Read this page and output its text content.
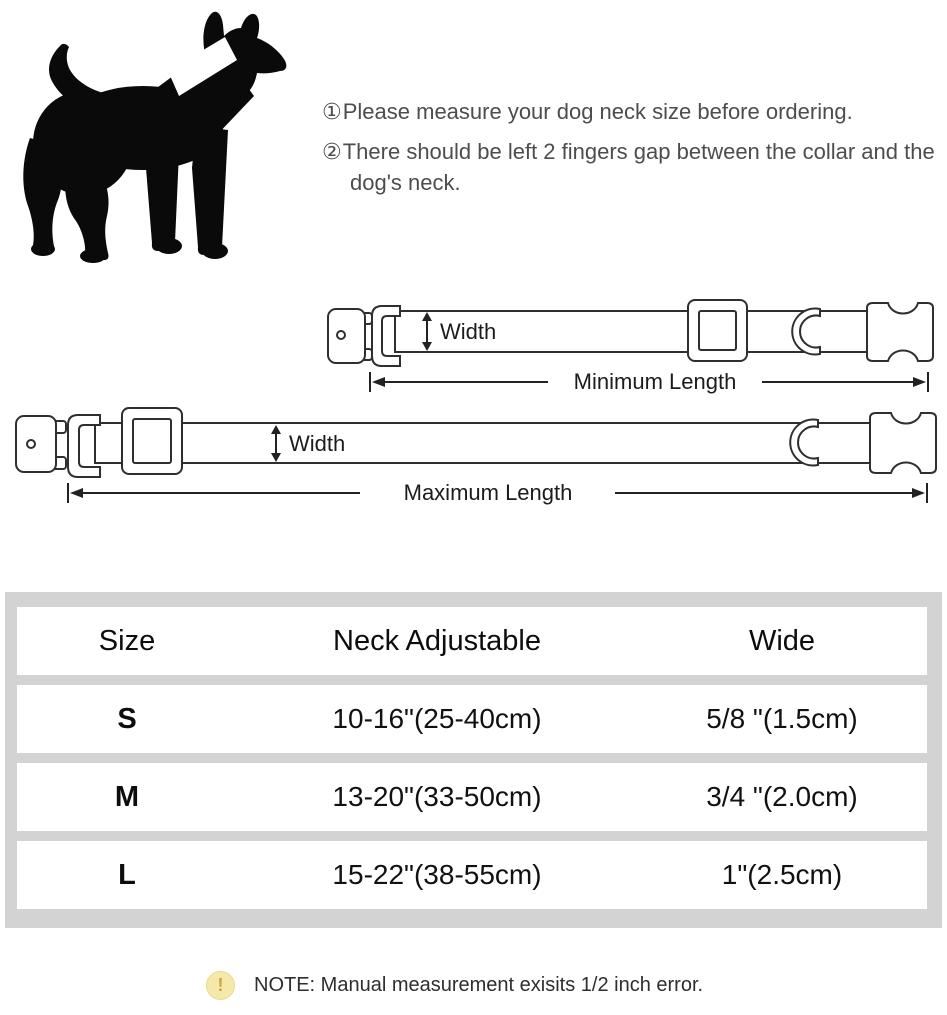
①Please measure your dog neck size before ordering.
②There should be left 2 fingers gap between the collar and the dog's neck.
Width
Minimum Length
Width
Maximum Length
Size	Neck Adjustable	Wide
S	10-16"(25-40cm)	5/8 "(1.5cm)
M	13-20"(33-50cm)	3/4 "(2.0cm)
L	15-22"(38-55cm)	1"(2.5cm)
!	NOTE: Manual measurement exisits 1/2 inch error.
